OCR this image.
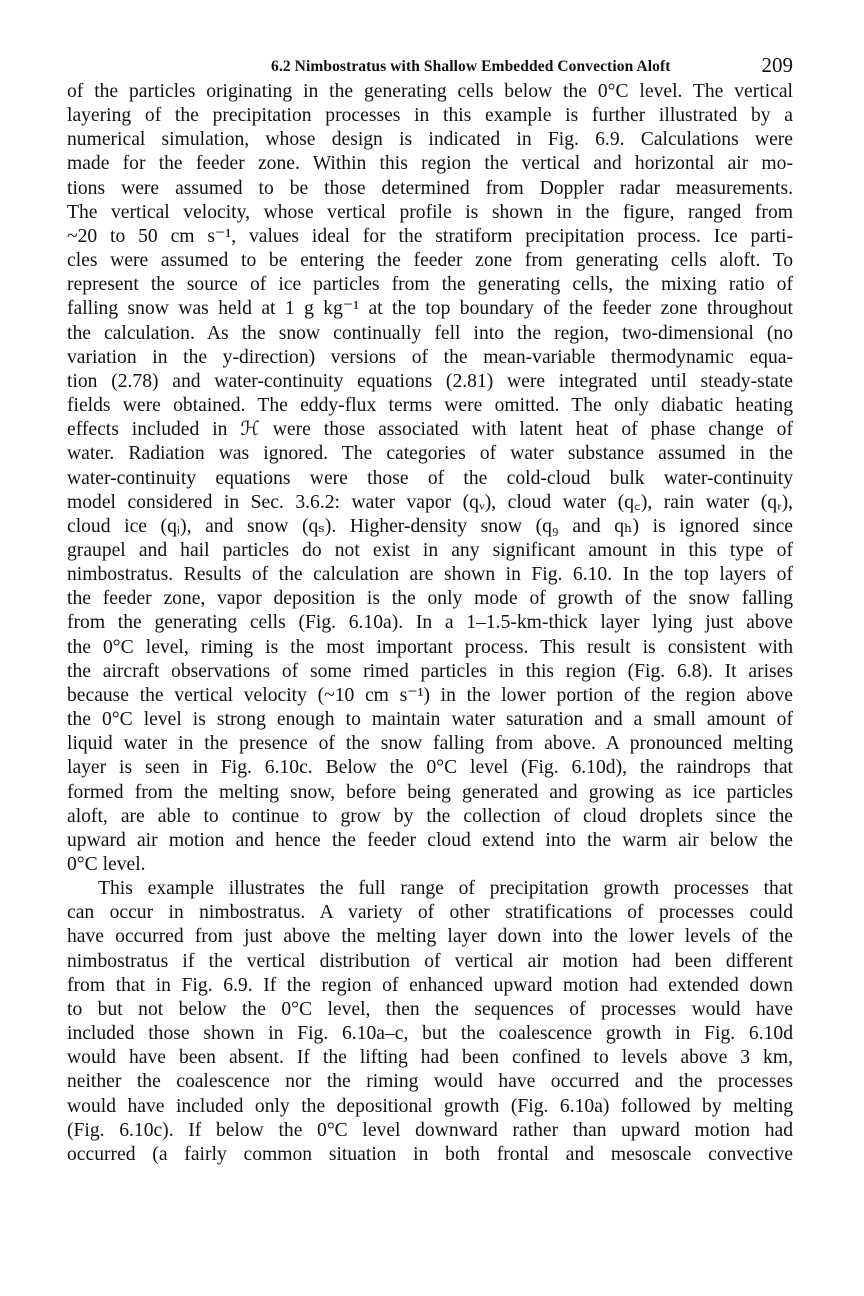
6.2 Nimbostratus with Shallow Embedded Convection Aloft	209

of the particles originating in the generating cells below the 0°C level. The vertical
layering of the precipitation processes in this example is further illustrated by a
numerical simulation, whose design is indicated in Fig. 6.9. Calculations were
made for the feeder zone. Within this region the vertical and horizontal air mo-
tions were assumed to be those determined from Doppler radar measurements.
The vertical velocity, whose vertical profile is shown in the figure, ranged from
~20 to 50 cm s⁻¹, values ideal for the stratiform precipitation process. Ice parti-
cles were assumed to be entering the feeder zone from generating cells aloft. To
represent the source of ice particles from the generating cells, the mixing ratio of
falling snow was held at 1 g kg⁻¹ at the top boundary of the feeder zone throughout
the calculation. As the snow continually fell into the region, two-dimensional (no
variation in the y-direction) versions of the mean-variable thermodynamic equa-
tion (2.78) and water-continuity equations (2.81) were integrated until steady-state
fields were obtained. The eddy-flux terms were omitted. The only diabatic heating
effects included in ℋ were those associated with latent heat of phase change of
water. Radiation was ignored. The categories of water substance assumed in the
water-continuity equations were those of the cold-cloud bulk water-continuity
model considered in Sec. 3.6.2: water vapor (qᵥ), cloud water (q꜀), rain water (qᵣ),
cloud ice (qᵢ), and snow (qₛ). Higher-density snow (q₉ and qₕ) is ignored since
graupel and hail particles do not exist in any significant amount in this type of
nimbostratus. Results of the calculation are shown in Fig. 6.10. In the top layers of
the feeder zone, vapor deposition is the only mode of growth of the snow falling
from the generating cells (Fig. 6.10a). In a 1–1.5-km-thick layer lying just above
the 0°C level, riming is the most important process. This result is consistent with
the aircraft observations of some rimed particles in this region (Fig. 6.8). It arises
because the vertical velocity (~10 cm s⁻¹) in the lower portion of the region above
the 0°C level is strong enough to maintain water saturation and a small amount of
liquid water in the presence of the snow falling from above. A pronounced melting
layer is seen in Fig. 6.10c. Below the 0°C level (Fig. 6.10d), the raindrops that
formed from the melting snow, before being generated and growing as ice particles
aloft, are able to continue to grow by the collection of cloud droplets since the
upward air motion and hence the feeder cloud extend into the warm air below the
0°C level.

This example illustrates the full range of precipitation growth processes that
can occur in nimbostratus. A variety of other stratifications of processes could
have occurred from just above the melting layer down into the lower levels of the
nimbostratus if the vertical distribution of vertical air motion had been different
from that in Fig. 6.9. If the region of enhanced upward motion had extended down
to but not below the 0°C level, then the sequences of processes would have
included those shown in Fig. 6.10a–c, but the coalescence growth in Fig. 6.10d
would have been absent. If the lifting had been confined to levels above 3 km,
neither the coalescence nor the riming would have occurred and the processes
would have included only the depositional growth (Fig. 6.10a) followed by melting
(Fig. 6.10c). If below the 0°C level downward rather than upward motion had
occurred (a fairly common situation in both frontal and mesoscale convective
